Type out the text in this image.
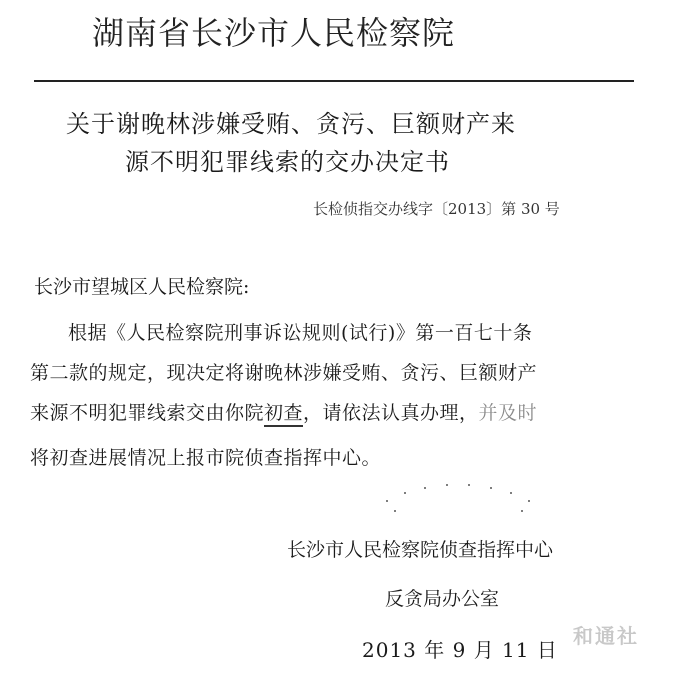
湖南省长沙市人民检察院
关于谢晚林涉嫌受贿、贪污、巨额财产来
源不明犯罪线索的交办决定书
长检侦指交办线字〔2013〕第 30 号
长沙市望城区人民检察院:
根据《人民检察院刑事诉讼规则(试行)》第一百七十条
第二款的规定，现决定将谢晚林涉嫌受贿、贪污、巨额财产
来源不明犯罪线索交由你院初查，请依法认真办理，并及时
将初查进展情况上报市院侦查指挥中心。
长沙市人民检察院侦查指挥中心
反贪局办公室
2013 年 9 月 11 日
和通社
